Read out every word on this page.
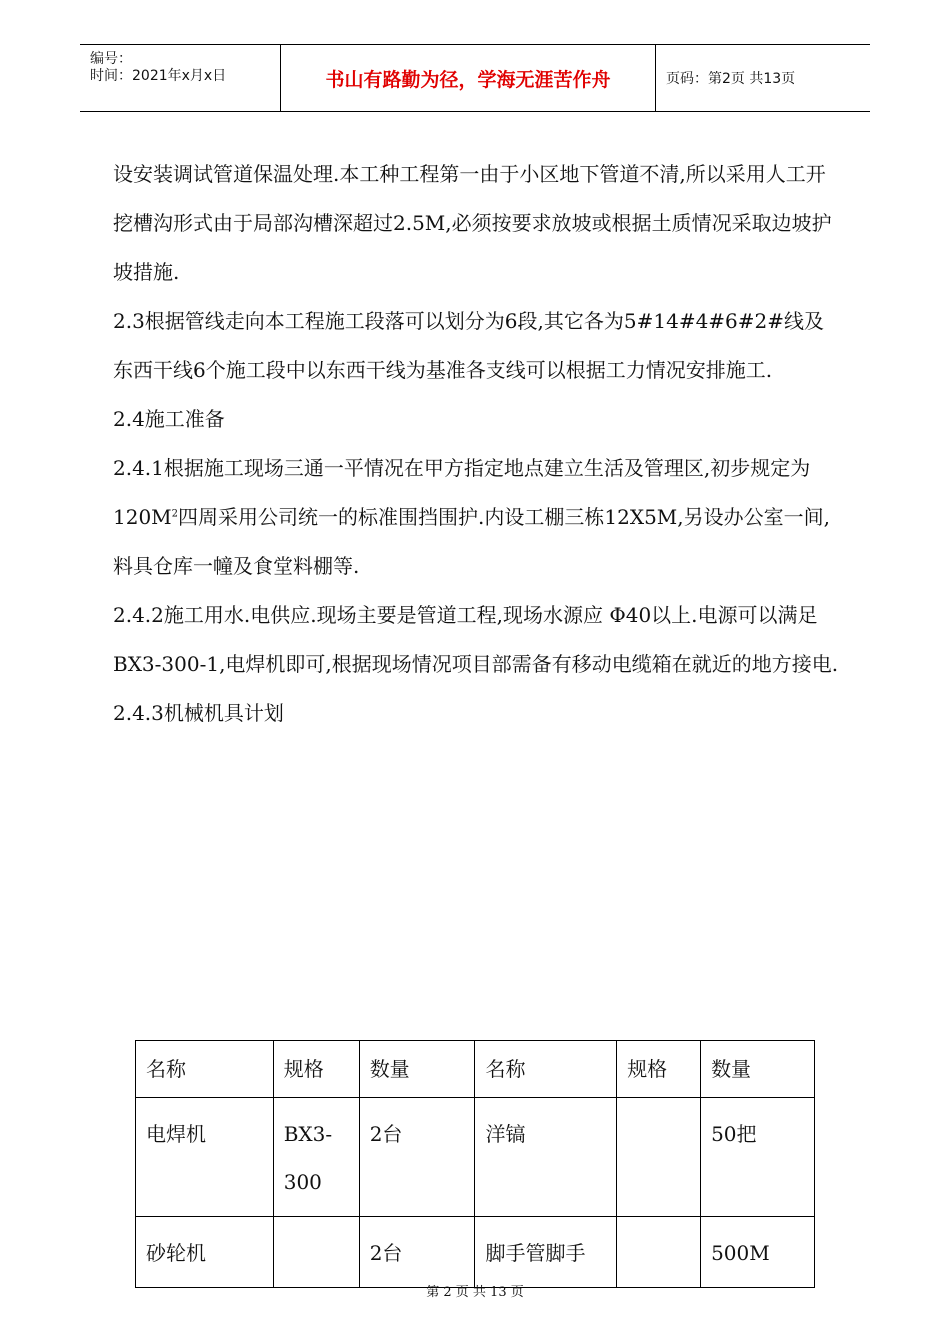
编号：
时间：2021年x月x日	书山有路勤为径，学海无涯苦作舟	页码：第2页 共13页

设安装调试管道保温处理.本工种工程第一由于小区地下管道不清,所以采用人工开挖槽沟形式由于局部沟槽深超过2.5M,必须按要求放坡或根据土质情况采取边坡护坡措施.

2.3根据管线走向本工程施工段落可以划分为6段,其它各为5#14#4#6#2#线及东西干线6个施工段中以东西干线为基准各支线可以根据工力情况安排施工.

2.4施工准备

2.4.1根据施工现场三通一平情况在甲方指定地点建立生活及管理区,初步规定为$120M^2$四周采用公司统一的标准围挡围护.内设工棚三栋12X5M,另设办公室一间,料具仓库一幢及食堂料棚等.

2.4.2施工用水.电供应.现场主要是管道工程,现场水源应 Φ40以上.电源可以满足BX3-300-1,电焊机即可,根据现场情况项目部需备有移动电缆箱在就近的地方接电.

2.4.3机械机具计划

名称	规格	数量	名称	规格	数量
电焊机	BX3-300	2台	洋镐		50把
砂轮机		2台	脚手管脚手		500M
第 2 页 共 13 页
